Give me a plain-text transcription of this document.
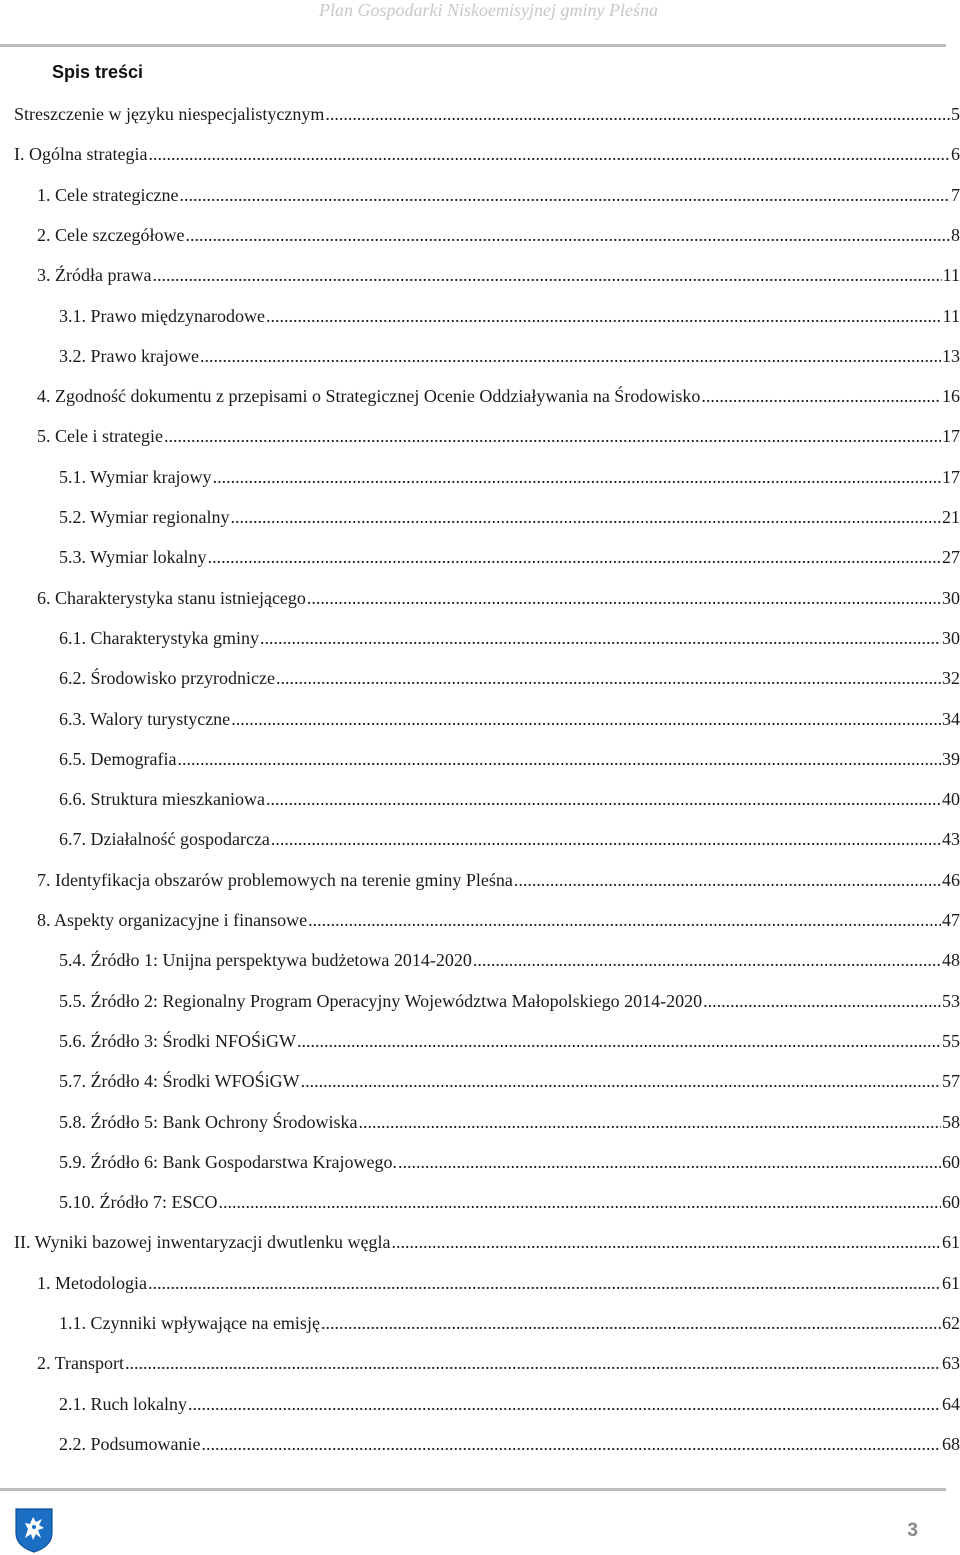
Plan Gospodarki Niskoemisyjnej gminy Pleśna
Spis treści
Streszczenie w języku niespecjalistycznym .....	5
I. Ogólna strategia .....	6
1. Cele strategiczne .....	7
2. Cele szczegółowe .....	8
3. Źródła prawa .....	11
3.1. Prawo międzynarodowe .....	11
3.2. Prawo krajowe .....	13
4. Zgodność dokumentu z przepisami o Strategicznej Ocenie Oddziaływania na Środowisko .....	16
5. Cele i strategie .....	17
5.1. Wymiar krajowy .....	17
5.2. Wymiar regionalny .....	21
5.3. Wymiar lokalny .....	27
6. Charakterystyka stanu istniejącego .....	30
6.1. Charakterystyka gminy .....	30
6.2. Środowisko przyrodnicze .....	32
6.3. Walory turystyczne .....	34
6.5. Demografia .....	39
6.6. Struktura mieszkaniowa .....	40
6.7. Działalność gospodarcza .....	43
7. Identyfikacja obszarów problemowych na terenie gminy Pleśna .....	46
8. Aspekty organizacyjne i finansowe .....	47
5.4. Źródło 1: Unijna perspektywa budżetowa 2014-2020 .....	48
5.5. Źródło 2: Regionalny Program Operacyjny Województwa Małopolskiego 2014-2020 .....	53
5.6. Źródło 3: Środki NFOŚiGW .....	55
5.7. Źródło 4: Środki WFOŚiGW .....	57
5.8. Źródło 5: Bank Ochrony Środowiska .....	58
5.9. Źródło 6: Bank Gospodarstwa Krajowego. .....	60
5.10. Źródło 7: ESCO .....	60
II. Wyniki bazowej inwentaryzacji dwutlenku węgla .....	61
1. Metodologia .....	61
1.1. Czynniki wpływające na emisję .....	62
2. Transport .....	63
2.1. Ruch lokalny .....	64
2.2. Podsumowanie .....	68
3
